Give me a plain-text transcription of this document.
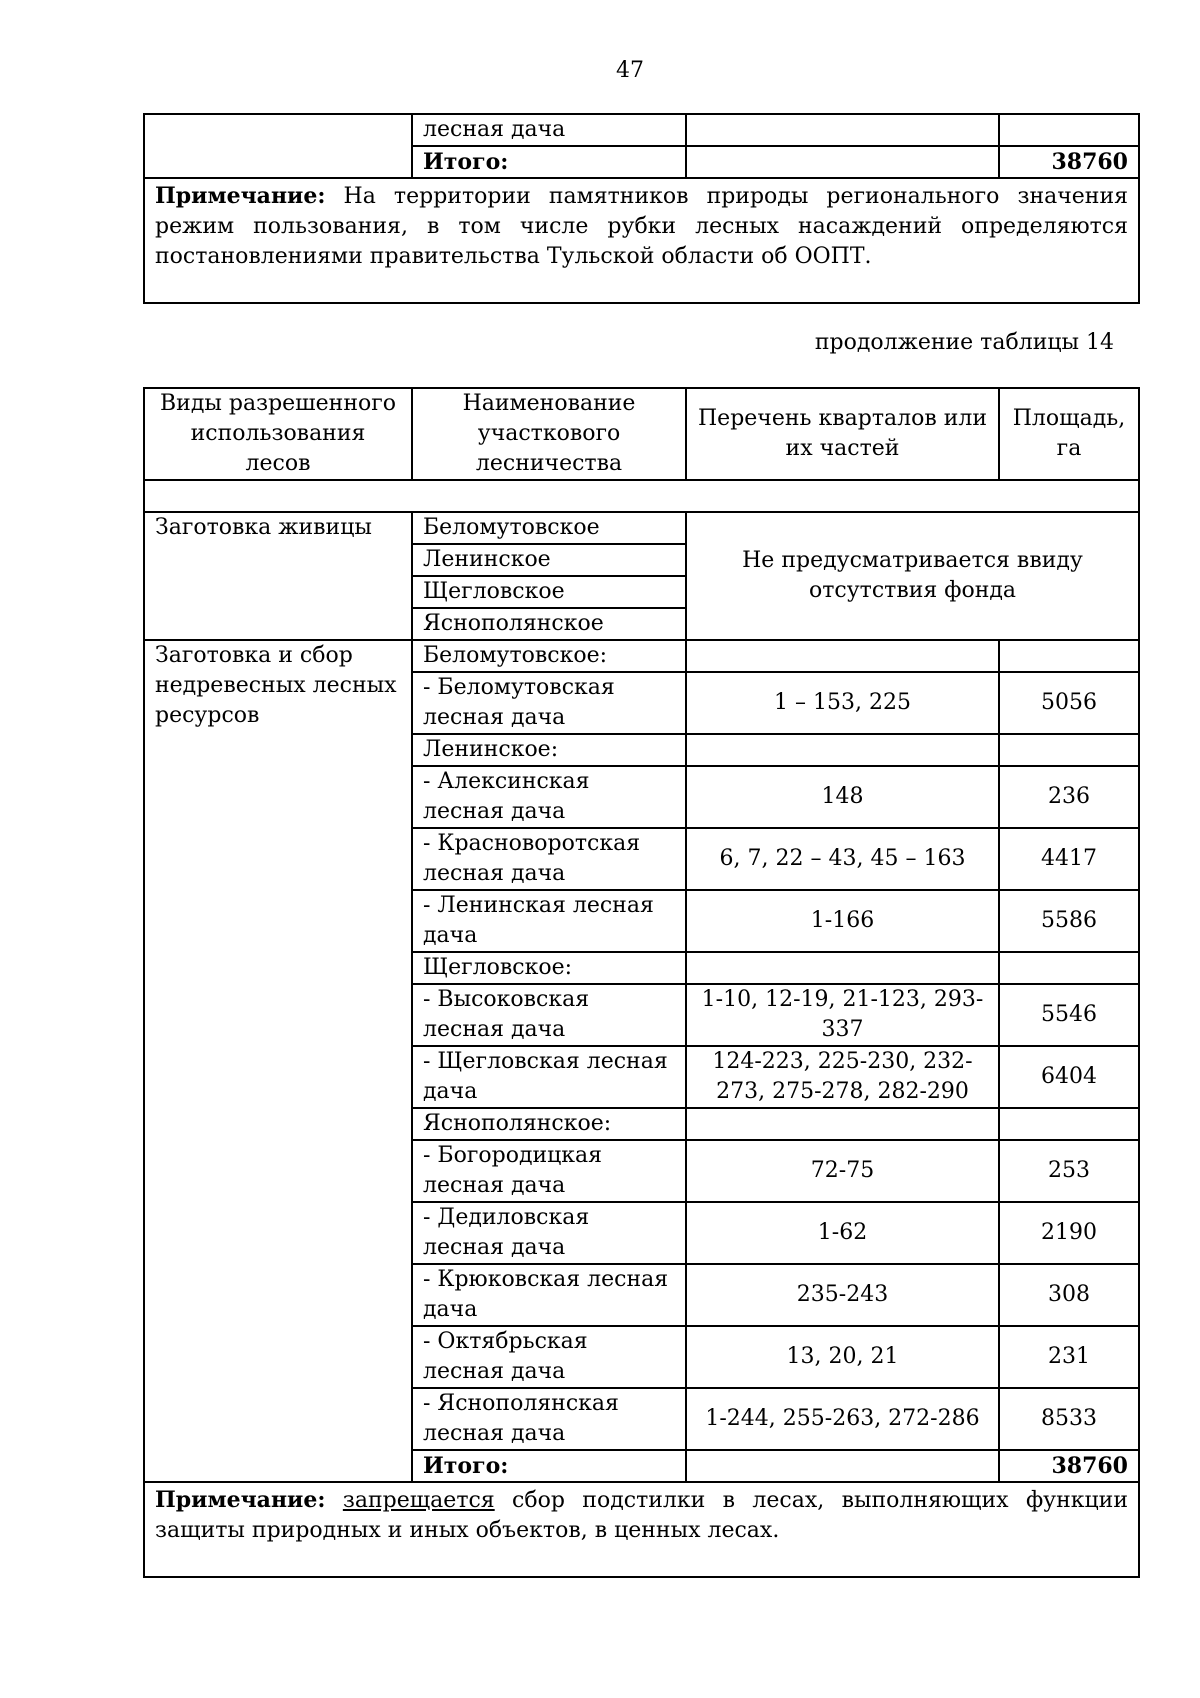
47
	лесная дача		
	Итого:		38760
Примечание: На территории памятников природы регионального значения режим пользования, в том числе рубки лесных насаждений определяются постановлениями правительства Тульской области об ООПТ.			
продолжение таблицы 14
Виды разрешенного использования лесов	Наименование участкового лесничества	Перечень кварталов или их частей	Площадь, га

Заготовка живицы	Беломутовское	Не предусматривается ввиду отсутствия фонда	
	Ленинское		
	Щегловское		
	Яснополянское		
Заготовка и сбор недревесных лесных ресурсов	Беломутовское:		
	- Беломутовская лесная дача	1 – 153, 225	5056
	Ленинское:		
	- Алексинская лесная дача	148	236
	- Красноворотская лесная дача	6, 7, 22 – 43, 45 – 163	4417
	- Ленинская лесная дача	1-166	5586
	Щегловское:		
	- Высоковская лесная дача	1-10, 12-19, 21-123, 293-337	5546
	- Щегловская лесная дача	124-223, 225-230, 232-273, 275-278, 282-290	6404
	Яснополянское:		
	- Богородицкая лесная дача	72-75	253
	- Дедиловская лесная дача	1-62	2190
	- Крюковская лесная дача	235-243	308
	- Октябрьская лесная дача	13, 20, 21	231
	- Яснополянская лесная дача	1-244, 255-263, 272-286	8533
	Итого:		38760
Примечание: запрещается сбор подстилки в лесах, выполняющих функции защиты природных и иных объектов, в ценных лесах.			
